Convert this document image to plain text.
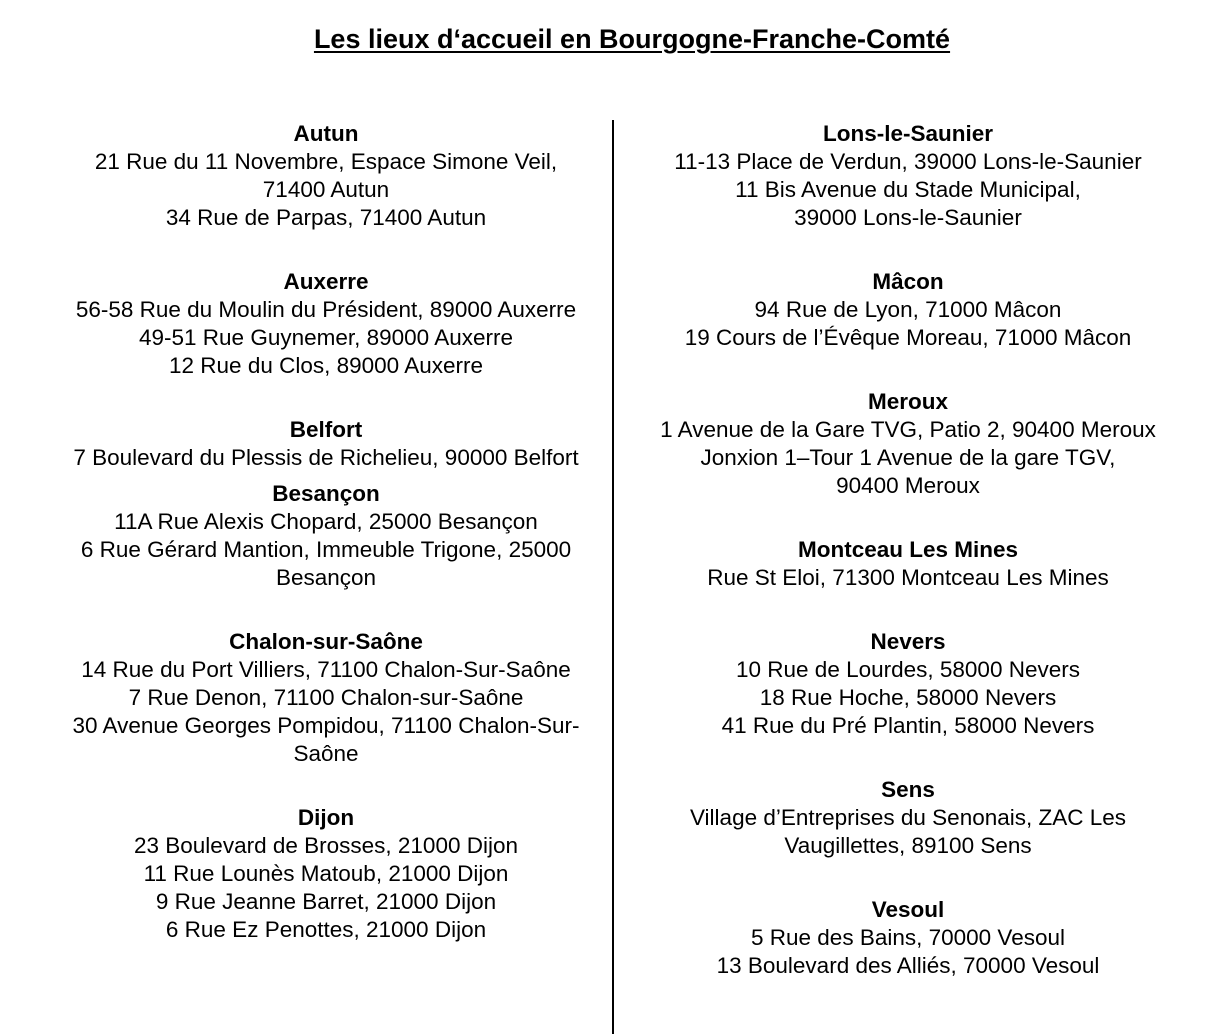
Les lieux d‘accueil en Bourgogne-Franche-Comté
Autun
21 Rue du 11 Novembre, Espace Simone Veil,
71400 Autun
34 Rue de Parpas, 71400 Autun
Auxerre
56-58 Rue du Moulin du Président, 89000 Auxerre
49-51 Rue Guynemer, 89000 Auxerre
12 Rue du Clos, 89000 Auxerre
Belfort
7 Boulevard du Plessis de Richelieu, 90000 Belfort
Besançon
11A Rue Alexis Chopard, 25000 Besançon
6 Rue Gérard Mantion, Immeuble Trigone, 25000
Besançon
Chalon-sur-Saône
14 Rue du Port Villiers, 71100 Chalon-Sur-Saône
7 Rue Denon, 71100 Chalon-sur-Saône
30 Avenue Georges Pompidou, 71100 Chalon-Sur-
Saône
Dijon
23 Boulevard de Brosses, 21000 Dijon
11 Rue Lounès Matoub, 21000 Dijon
9 Rue Jeanne Barret, 21000 Dijon
6 Rue Ez Penottes, 21000 Dijon
Lons-le-Saunier
11-13 Place de Verdun, 39000 Lons-le-Saunier
11 Bis Avenue du Stade Municipal,
39000 Lons-le-Saunier
Mâcon
94 Rue de Lyon, 71000 Mâcon
19 Cours de l’Évêque Moreau, 71000 Mâcon
Meroux
1 Avenue de la Gare TVG, Patio 2, 90400 Meroux
Jonxion 1–Tour 1 Avenue de la gare TGV,
90400 Meroux
Montceau Les Mines
Rue St Eloi, 71300 Montceau Les Mines
Nevers
10 Rue de Lourdes, 58000 Nevers
18 Rue Hoche, 58000 Nevers
41 Rue du Pré Plantin, 58000 Nevers
Sens
Village d’Entreprises du Senonais, ZAC Les
Vaugillettes, 89100 Sens
Vesoul
5 Rue des Bains, 70000 Vesoul
13 Boulevard des Alliés, 70000 Vesoul
